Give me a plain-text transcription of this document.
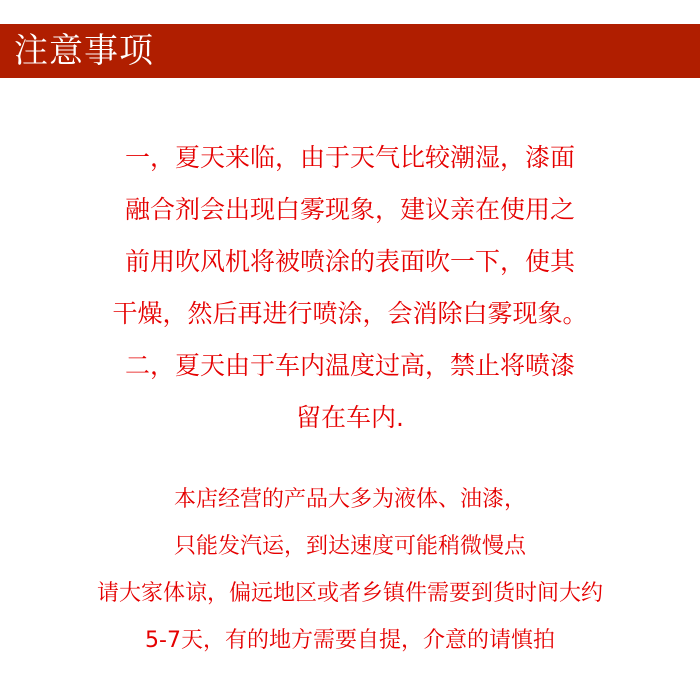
注意事项
一，夏天来临，由于天气比较潮湿，漆面
融合剂会出现白雾现象，建议亲在使用之
前用吹风机将被喷涂的表面吹一下，使其
干燥，然后再进行喷涂，会消除白雾现象。
二，夏天由于车内温度过高，禁止将喷漆
留在车内.
本店经营的产品大多为液体、油漆，
只能发汽运，到达速度可能稍微慢点
请大家体谅，偏远地区或者乡镇件需要到货时间大约
5-7天，有的地方需要自提，介意的请慎拍
